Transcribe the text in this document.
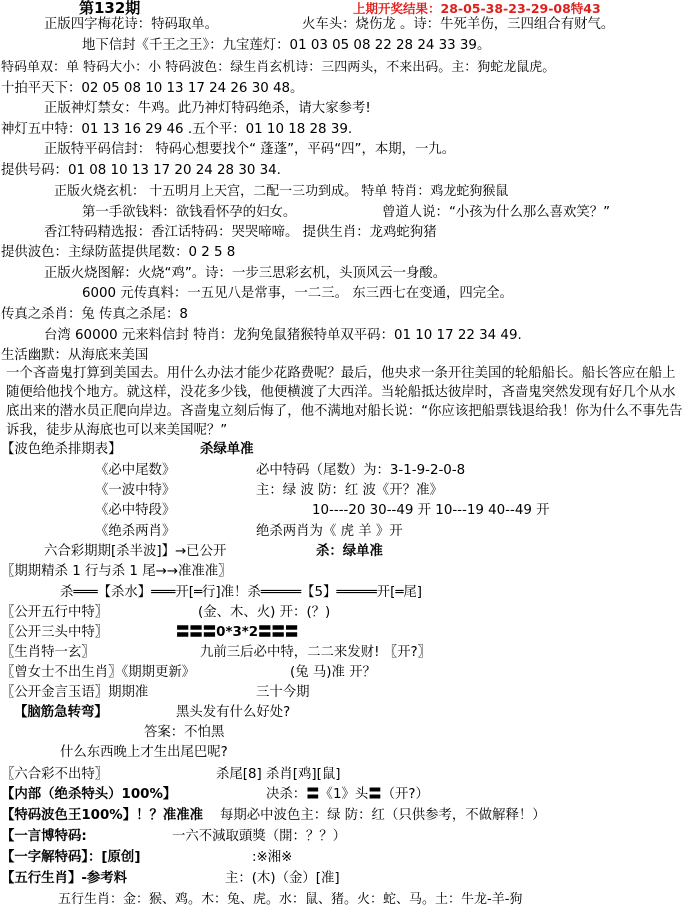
第132期	上期开奖结果：28-05-38-23-29-08特43
正版四字梅花诗：特码取单。	火车头：烧伤龙 。诗：牛死羊伤，三四组合有财气。
地下信封《千王之王》：九宝莲灯：01 03 05 08 22 28 24 33 39。
特码单双：单 特码大小：小 特码波色：绿生肖玄机诗：三四两头，不来出码。主：狗蛇龙鼠虎。
十拍平天下：02 05 08 10 13 17 24 26 30 48。
正版神灯禁女：牛鸡。此乃神灯特码绝杀，请大家参考!
神灯五中特：01 13 16 29 46 .五个平：01 10 18 28 39.
正版特平码信封： 特码心想要找个“ 蓬蓬”，平码“四”，本期，一九。
提供号码：01 08 10 13 17 20 24 28 30 34.
正版火烧玄机： 十五明月上天宫，二配一三功到成。 特单 特肖：鸡龙蛇狗猴鼠
第一手欲钱料：欲钱看怀孕的妇女。	曾道人说：“小孩为什么那么喜欢笑？”
香江特码精选报：香江话特码：哭哭啼啼。 提供生肖：龙鸡蛇狗猪
提供波色：主绿防蓝提供尾数：0 2 5 8
正版火烧图解：火烧“鸡”。诗：一步三思彩玄机，头顶风云一身酸。
6000 元传真料：一五见八是常事，一二三。 东三西七在变通，四完全。
传真之杀肖：兔 传真之杀尾：8
台湾 60000 元来料信封 特肖：龙狗兔鼠猪猴特单双平码：01 10 17 22 34 49.
生活幽默：从海底来美国
一个吝啬鬼打算到美国去。用什么办法才能少花路费呢？最后，他央求一条开往美国的轮船船长。船长答应在船上随便给他找个地方。就这样，没花多少钱，他便横渡了大西洋。当轮船抵达彼岸时，吝啬鬼突然发现有好几个从水底出来的潜水员正爬向岸边。吝啬鬼立刻后悔了，他不满地对船长说：“你应该把船票钱退给我！你为什么不事先告诉我，徒步从海底也可以来美国呢？”
【波色绝杀排期表】	杀绿单准
《必中尾数》	必中特码（尾数）为：3-1-9-2-0-8
《一波中特》	主：绿 波 防：红 波《开？准》
《必中特段》	10----20 30--49 开 10---19 40--49 开
《绝杀两肖》	绝杀两肖为《 虎 羊 》开
六合彩期期[杀半波]】→已公开	杀：绿单准
〖期期精杀 1 行与杀 1 尾→→准准准〗
杀═══【杀水】═══开[═行]准！杀═════【5】═════开[═尾]
〖公开五行中特〗	(金、木、火) 开：(？)
〖公开三头中特〗	〓〓〓0*3*2〓〓〓
〖生肖特一玄〗	九前三后必中特，二二来发财! 〖开?〗
〖曾女士不出生肖〗《期期更新》	(兔 马)准 开？
〖公开金言玉语〗期期准	三十今期
【脑筋急转弯】	黑头发有什么好处?
答案：不怕黑
什么东西晚上才生出尾巴呢?
〖六合彩不出特〗	杀尾[8] 杀肖[鸡][鼠]
【内部（绝杀特头）100%】	决杀：〓《1》头〓（开?）
【特码波色王100%】！？准准准 每期必中波色主：绿 防：红（只供参考，不做解释！）
【一言博特码:	一六不減取頭獎（開：？？）
【一字解特码】：[原创]	:※湘※
【五行生肖】-参考料	主：(木)（金）[准]
五行生肖：金：猴、鸡。木：兔、虎。水：鼠、猪。火：蛇、马。土：牛龙-羊-狗
